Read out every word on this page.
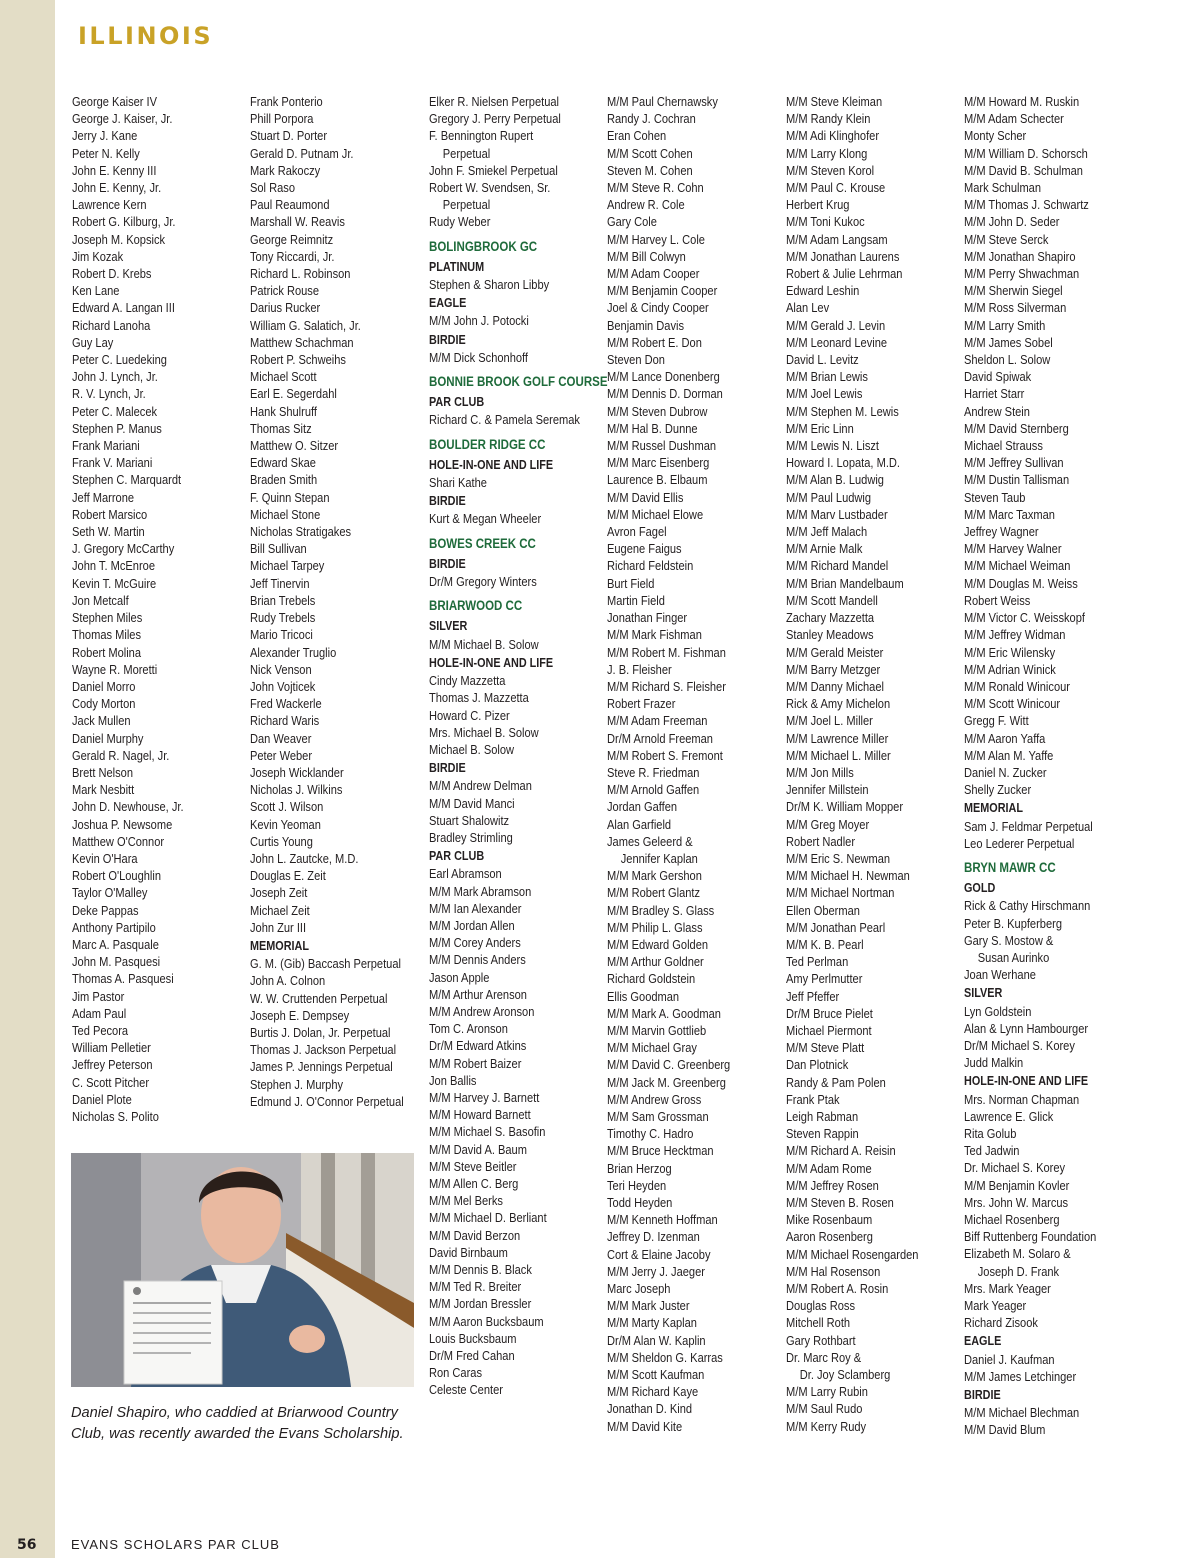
ILLINOIS
George Kaiser IV
George J. Kaiser, Jr.
Jerry J. Kane
Peter N. Kelly
John E. Kenny III
John E. Kenny, Jr.
Lawrence Kern
Robert G. Kilburg, Jr.
Joseph M. Kopsick
Jim Kozak
Robert D. Krebs
Ken Lane
Edward A. Langan III
Richard Lanoha
Guy Lay
Peter C. Luedeking
John J. Lynch, Jr.
R. V. Lynch, Jr.
Peter C. Malecek
Stephen P. Manus
Frank Mariani
Frank V. Mariani
Stephen C. Marquardt
Jeff Marrone
Robert Marsico
Seth W. Martin
J. Gregory McCarthy
John T. McEnroe
Kevin T. McGuire
Jon Metcalf
Stephen Miles
Thomas Miles
Robert Molina
Wayne R. Moretti
Daniel Morro
Cody Morton
Jack Mullen
Daniel Murphy
Gerald R. Nagel, Jr.
Brett Nelson
Mark Nesbitt
John D. Newhouse, Jr.
Joshua P. Newsome
Matthew O'Connor
Kevin O'Hara
Robert O'Loughlin
Taylor O'Malley
Deke Pappas
Anthony Partipilo
Marc A. Pasquale
John M. Pasquesi
Thomas A. Pasquesi
Jim Pastor
Adam Paul
Ted Pecora
William Pelletier
Jeffrey Peterson
C. Scott Pitcher
Daniel Plote
Nicholas S. Polito
Frank Ponterio
Phill Porpora
Stuart D. Porter
Gerald D. Putnam Jr.
Mark Rakoczy
Sol Raso
Paul Reaumond
Marshall W. Reavis
George Reimnitz
Tony Riccardi, Jr.
Richard L. Robinson
Patrick Rouse
Darius Rucker
William G. Salatich, Jr.
Matthew Schachman
Robert P. Schweihs
Michael Scott
Earl E. Segerdahl
Hank Shulruff
Thomas Sitz
Matthew O. Sitzer
Edward Skae
Braden Smith
F. Quinn Stepan
Michael Stone
Nicholas Stratigakes
Bill Sullivan
Michael Tarpey
Jeff Tinervin
Brian Trebels
Rudy Trebels
Mario Tricoci
Alexander Truglio
Nick Venson
John Vojticek
Fred Wackerle
Richard Waris
Dan Weaver
Peter Weber
Joseph Wicklander
Nicholas J. Wilkins
Scott J. Wilson
Kevin Yeoman
Curtis Young
John L. Zautcke, M.D.
Douglas E. Zeit
Joseph Zeit
Michael Zeit
John Zur III
MEMORIAL
G. M. (Gib) Baccash Perpetual
John A. Colnon
W. W. Cruttenden Perpetual
Joseph E. Dempsey
Burtis J. Dolan, Jr. Perpetual
Thomas J. Jackson Perpetual
James P. Jennings Perpetual
Stephen J. Murphy
Edmund J. O'Connor Perpetual
Elker R. Nielsen Perpetual
Gregory J. Perry Perpetual
F. Bennington Rupert
Perpetual
John F. Smiekel Perpetual
Robert W. Svendsen, Sr.
Perpetual
Rudy Weber
BOLINGBROOK GC
PLATINUM
Stephen & Sharon Libby
EAGLE
M/M John J. Potocki
BIRDIE
M/M Dick Schonhoff
BONNIE BROOK GOLF COURSE
PAR CLUB
Richard C. & Pamela Seremak
BOULDER RIDGE CC
HOLE-IN-ONE AND LIFE
Shari Kathe
BIRDIE
Kurt & Megan Wheeler
BOWES CREEK CC
BIRDIE
Dr/M Gregory Winters
BRIARWOOD CC
SILVER
M/M Michael B. Solow
HOLE-IN-ONE AND LIFE
Cindy Mazzetta
Thomas J. Mazzetta
Howard C. Pizer
Mrs. Michael B. Solow
Michael B. Solow
BIRDIE
M/M Andrew Delman
M/M David Manci
Stuart Shalowitz
Bradley Strimling
PAR CLUB
Earl Abramson
M/M Mark Abramson
M/M Ian Alexander
M/M Jordan Allen
M/M Corey Anders
M/M Dennis Anders
Jason Apple
M/M Arthur Arenson
M/M Andrew Aronson
Tom C. Aronson
Dr/M Edward Atkins
M/M Robert Baizer
Jon Ballis
M/M Harvey J. Barnett
M/M Howard Barnett
M/M Michael S. Basofin
M/M David A. Baum
M/M Steve Beitler
M/M Allen C. Berg
M/M Mel Berks
M/M Michael D. Berliant
M/M David Berzon
David Birnbaum
M/M Dennis B. Black
M/M Ted R. Breiter
M/M Jordan Bressler
M/M Aaron Bucksbaum
Louis Bucksbaum
Dr/M Fred Cahan
Ron Caras
Celeste Center
M/M Paul Chernawsky
Randy J. Cochran
Eran Cohen
M/M Scott Cohen
Steven M. Cohen
M/M Steve R. Cohn
Andrew R. Cole
Gary Cole
M/M Harvey L. Cole
M/M Bill Colwyn
M/M Adam Cooper
M/M Benjamin Cooper
Joel & Cindy Cooper
Benjamin Davis
M/M Robert E. Don
Steven Don
M/M Lance Donenberg
M/M Dennis D. Dorman
M/M Steven Dubrow
M/M Hal B. Dunne
M/M Russel Dushman
M/M Marc Eisenberg
Laurence B. Elbaum
M/M David Ellis
M/M Michael Elowe
Avron Fagel
Eugene Faigus
Richard Feldstein
Burt Field
Martin Field
Jonathan Finger
M/M Mark Fishman
M/M Robert M. Fishman
J. B. Fleisher
M/M Richard S. Fleisher
Robert Frazer
M/M Adam Freeman
Dr/M Arnold Freeman
M/M Robert S. Fremont
Steve R. Friedman
M/M Arnold Gaffen
Jordan Gaffen
Alan Garfield
James Geleerd &
Jennifer Kaplan
M/M Mark Gershon
M/M Robert Glantz
M/M Bradley S. Glass
M/M Philip L. Glass
M/M Edward Golden
M/M Arthur Goldner
Richard Goldstein
Ellis Goodman
M/M Mark A. Goodman
M/M Marvin Gottlieb
M/M Michael Gray
M/M David C. Greenberg
M/M Jack M. Greenberg
M/M Andrew Gross
M/M Sam Grossman
Timothy C. Hadro
M/M Bruce Hecktman
Brian Herzog
Teri Heyden
Todd Heyden
M/M Kenneth Hoffman
Jeffrey D. Izenman
Cort & Elaine Jacoby
M/M Jerry J. Jaeger
Marc Joseph
M/M Mark Juster
M/M Marty Kaplan
Dr/M Alan W. Kaplin
M/M Sheldon G. Karras
M/M Scott Kaufman
M/M Richard Kaye
Jonathan D. Kind
M/M David Kite
M/M Steve Kleiman
M/M Randy Klein
M/M Adi Klinghofer
M/M Larry Klong
M/M Steven Korol
M/M Paul C. Krouse
Herbert Krug
M/M Toni Kukoc
M/M Adam Langsam
M/M Jonathan Laurens
Robert & Julie Lehrman
Edward Leshin
Alan Lev
M/M Gerald J. Levin
M/M Leonard Levine
David L. Levitz
M/M Brian Lewis
M/M Joel Lewis
M/M Stephen M. Lewis
M/M Eric Linn
M/M Lewis N. Liszt
Howard I. Lopata, M.D.
M/M Alan B. Ludwig
M/M Paul Ludwig
M/M Marv Lustbader
M/M Jeff Malach
M/M Arnie Malk
M/M Richard Mandel
M/M Brian Mandelbaum
M/M Scott Mandell
Zachary Mazzetta
Stanley Meadows
M/M Gerald Meister
M/M Barry Metzger
M/M Danny Michael
Rick & Amy Michelon
M/M Joel L. Miller
M/M Lawrence Miller
M/M Michael L. Miller
M/M Jon Mills
Jennifer Millstein
Dr/M K. William Mopper
M/M Greg Moyer
Robert Nadler
M/M Eric S. Newman
M/M Michael H. Newman
M/M Michael Nortman
Ellen Oberman
M/M Jonathan Pearl
M/M K. B. Pearl
Ted Perlman
Amy Perlmutter
Jeff Pfeffer
Dr/M Bruce Pielet
Michael Piermont
M/M Steve Platt
Dan Plotnick
Randy & Pam Polen
Frank Ptak
Leigh Rabman
Steven Rappin
M/M Richard A. Reisin
M/M Adam Rome
M/M Jeffrey Rosen
M/M Steven B. Rosen
Mike Rosenbaum
Aaron Rosenberg
M/M Michael Rosengarden
M/M Hal Rosenson
M/M Robert A. Rosin
Douglas Ross
Mitchell Roth
Gary Rothbart
Dr. Marc Roy &
Dr. Joy Sclamberg
M/M Larry Rubin
M/M Saul Rudo
M/M Kerry Rudy
M/M Howard M. Ruskin
M/M Adam Schecter
Monty Scher
M/M William D. Schorsch
M/M David B. Schulman
Mark Schulman
M/M Thomas J. Schwartz
M/M John D. Seder
M/M Steve Serck
M/M Jonathan Shapiro
M/M Perry Shwachman
M/M Sherwin Siegel
M/M Ross Silverman
M/M Larry Smith
M/M James Sobel
Sheldon L. Solow
David Spiwak
Harriet Starr
Andrew Stein
M/M David Sternberg
Michael Strauss
M/M Jeffrey Sullivan
M/M Dustin Tallisman
Steven Taub
M/M Marc Taxman
Jeffrey Wagner
M/M Harvey Walner
M/M Michael Weiman
M/M Douglas M. Weiss
Robert Weiss
M/M Victor C. Weisskopf
M/M Jeffrey Widman
M/M Eric Wilensky
M/M Adrian Winick
M/M Ronald Winicour
M/M Scott Winicour
Gregg F. Witt
M/M Aaron Yaffa
M/M Alan M. Yaffe
Daniel N. Zucker
Shelly Zucker
MEMORIAL
Sam J. Feldmar Perpetual
Leo Lederer Perpetual
BRYN MAWR CC
GOLD
Rick & Cathy Hirschmann
Peter B. Kupferberg
Gary S. Mostow &
Susan Aurinko
Joan Werhane
SILVER
Lyn Goldstein
Alan & Lynn Hambourger
Dr/M Michael S. Korey
Judd Malkin
HOLE-IN-ONE AND LIFE
Mrs. Norman Chapman
Lawrence E. Glick
Rita Golub
Ted Jadwin
Dr. Michael S. Korey
M/M Benjamin Kovler
Mrs. John W. Marcus
Michael Rosenberg
Biff Ruttenberg Foundation
Elizabeth M. Solaro &
Joseph D. Frank
Mrs. Mark Yeager
Mark Yeager
Richard Zisook
EAGLE
Daniel J. Kaufman
M/M James Letchinger
BIRDIE
M/M Michael Blechman
M/M David Blum

Daniel Shapiro, who caddied at Briarwood Country Club, was recently awarded the Evans Scholarship.

56	EVANS SCHOLARS PAR CLUB
